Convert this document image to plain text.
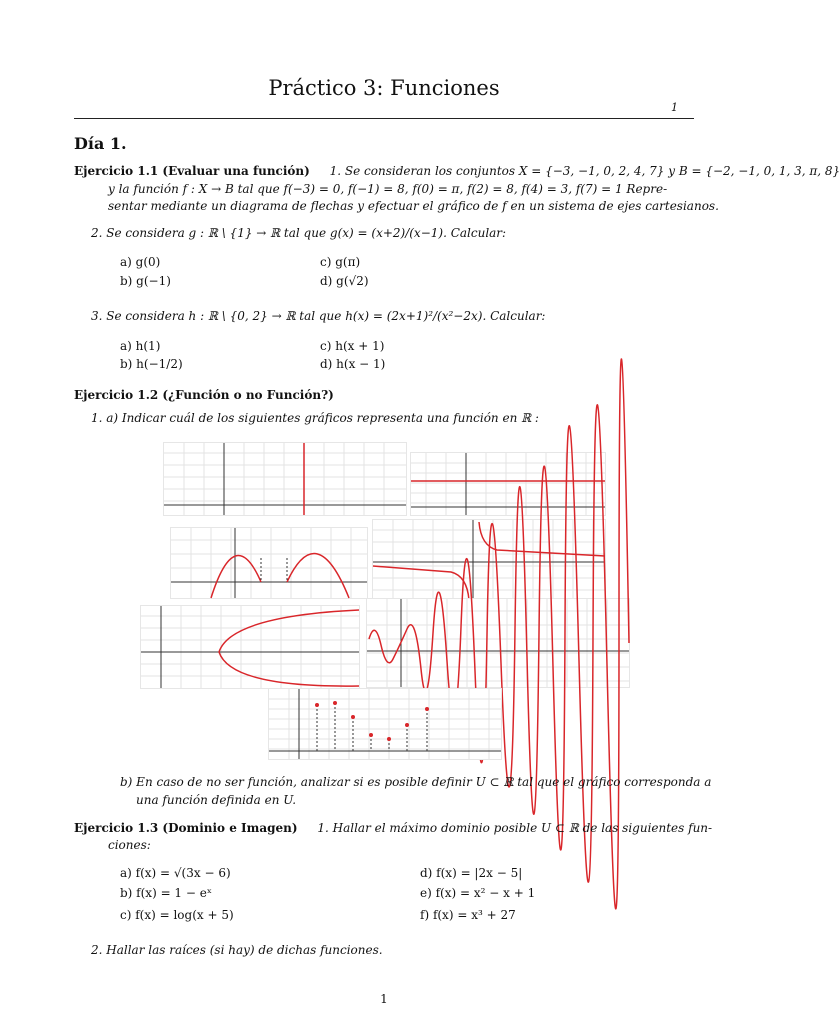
Práctico 3: Funciones
1
Día 1.
Ejercicio 1.1 (Evaluar una función) 1. Se consideran los conjuntos X = {−3, −1, 0, 2, 4, 7} y B = {−2, −1, 0, 1, 3, π, 8}
y la función f : X → B tal que f(−3) = 0, f(−1) = 8, f(0) = π, f(2) = 8, f(4) = 3, f(7) = 1 Repre-
sentar mediante un diagrama de flechas y efectuar el gráfico de f en un sistema de ejes cartesianos.
2. Se considera g : ℝ \ {1} → ℝ tal que g(x) = (x+2)/(x−1). Calcular:
a) g(0)
b) g(−1)
c) g(π)
d) g(√2)
3. Se considera h : ℝ \ {0, 2} → ℝ tal que h(x) = (2x+1)²/(x²−2x). Calcular:
a) h(1)
b) h(−1/2)
c) h(x + 1)
d) h(x − 1)
Ejercicio 1.2 (¿Función o no Función?)
1. a) Indicar cuál de los siguientes gráficos representa una función en ℝ :
b) En caso de no ser función, analizar si es posible definir U ⊂ ℝ tal que el gráfico corresponda a
una función definida en U.
Ejercicio 1.3 (Dominio e Imagen) 1. Hallar el máximo dominio posible U ⊂ ℝ de las siguientes fun-
ciones:
a) f(x) = √(3x − 6)
b) f(x) = 1 − eˣ
c) f(x) = log(x + 5)
d) f(x) = |2x − 5|
e) f(x) = x² − x + 1
f) f(x) = x³ + 27
2. Hallar las raíces (si hay) de dichas funciones.
1
